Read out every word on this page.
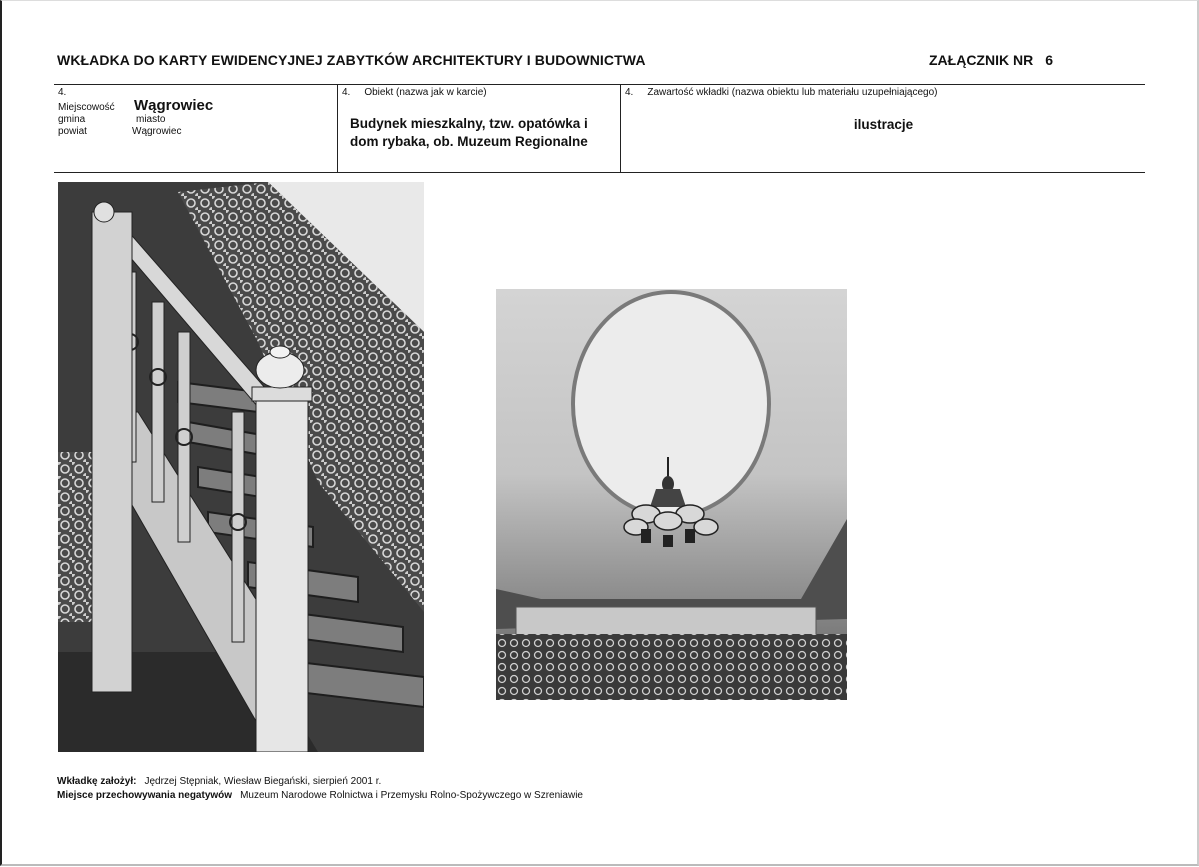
WKŁADKA DO KARTY EWIDENCYJNEJ ZABYTKÓW ARCHITEKTURY I BUDOWNICTWA	ZAŁĄCZNIK NR 6
4.
Miejscowość Wągrowiec
gmina	miasto
powiat	Wągrowiec
4. Obiekt (nazwa jak w karcie)
Budynek mieszkalny, tzw. opatówka i dom rybaka, ob. Muzeum Regionalne
4. Zawartość wkładki (nazwa obiektu lub materiału uzupełniającego)
ilustracje
Wkładkę założył: Jędrzej Stępniak, Wiesław Biegański, sierpień 2001 r.
Miejsce przechowywania negatywów Muzeum Narodowe Rolnictwa i Przemysłu Rolno-Spożywczego w Szreniawie
